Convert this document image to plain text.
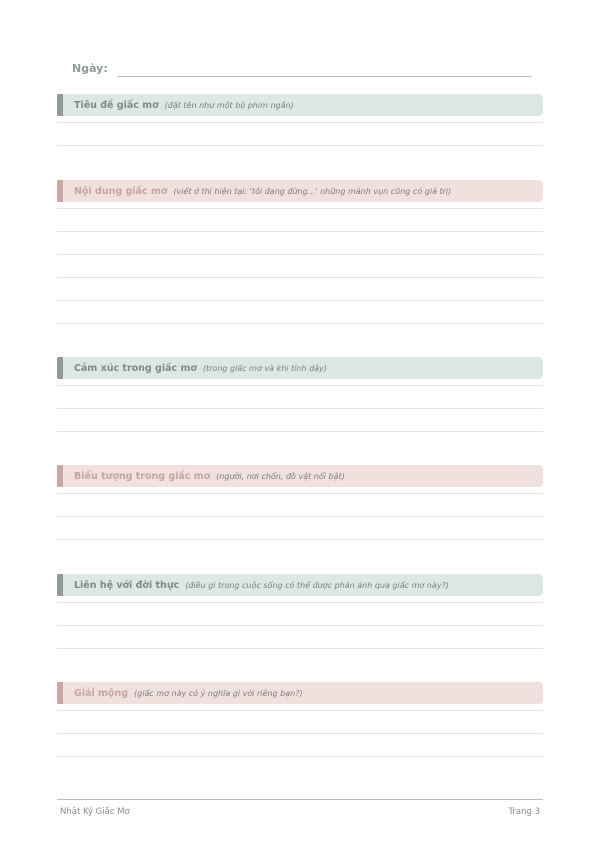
Ngày:
Tiêu đề giấc mơ (đặt tên như một bộ phim ngắn)
Nội dung giấc mơ (viết ở thì hiện tại: 'tôi đang đứng...' những mảnh vụn cũng có giá trị)
Cảm xúc trong giấc mơ (trong giấc mơ và khi tỉnh dậy)
Biểu tượng trong giấc mơ (người, nơi chốn, đồ vật nổi bật)
Liên hệ với đời thực (điều gì trong cuộc sống có thể được phản ánh qua giấc mơ này?)
Giải mộng (giấc mơ này có ý nghĩa gì với riêng bạn?)
Nhật Ký Giấc Mơ	Trang 3
